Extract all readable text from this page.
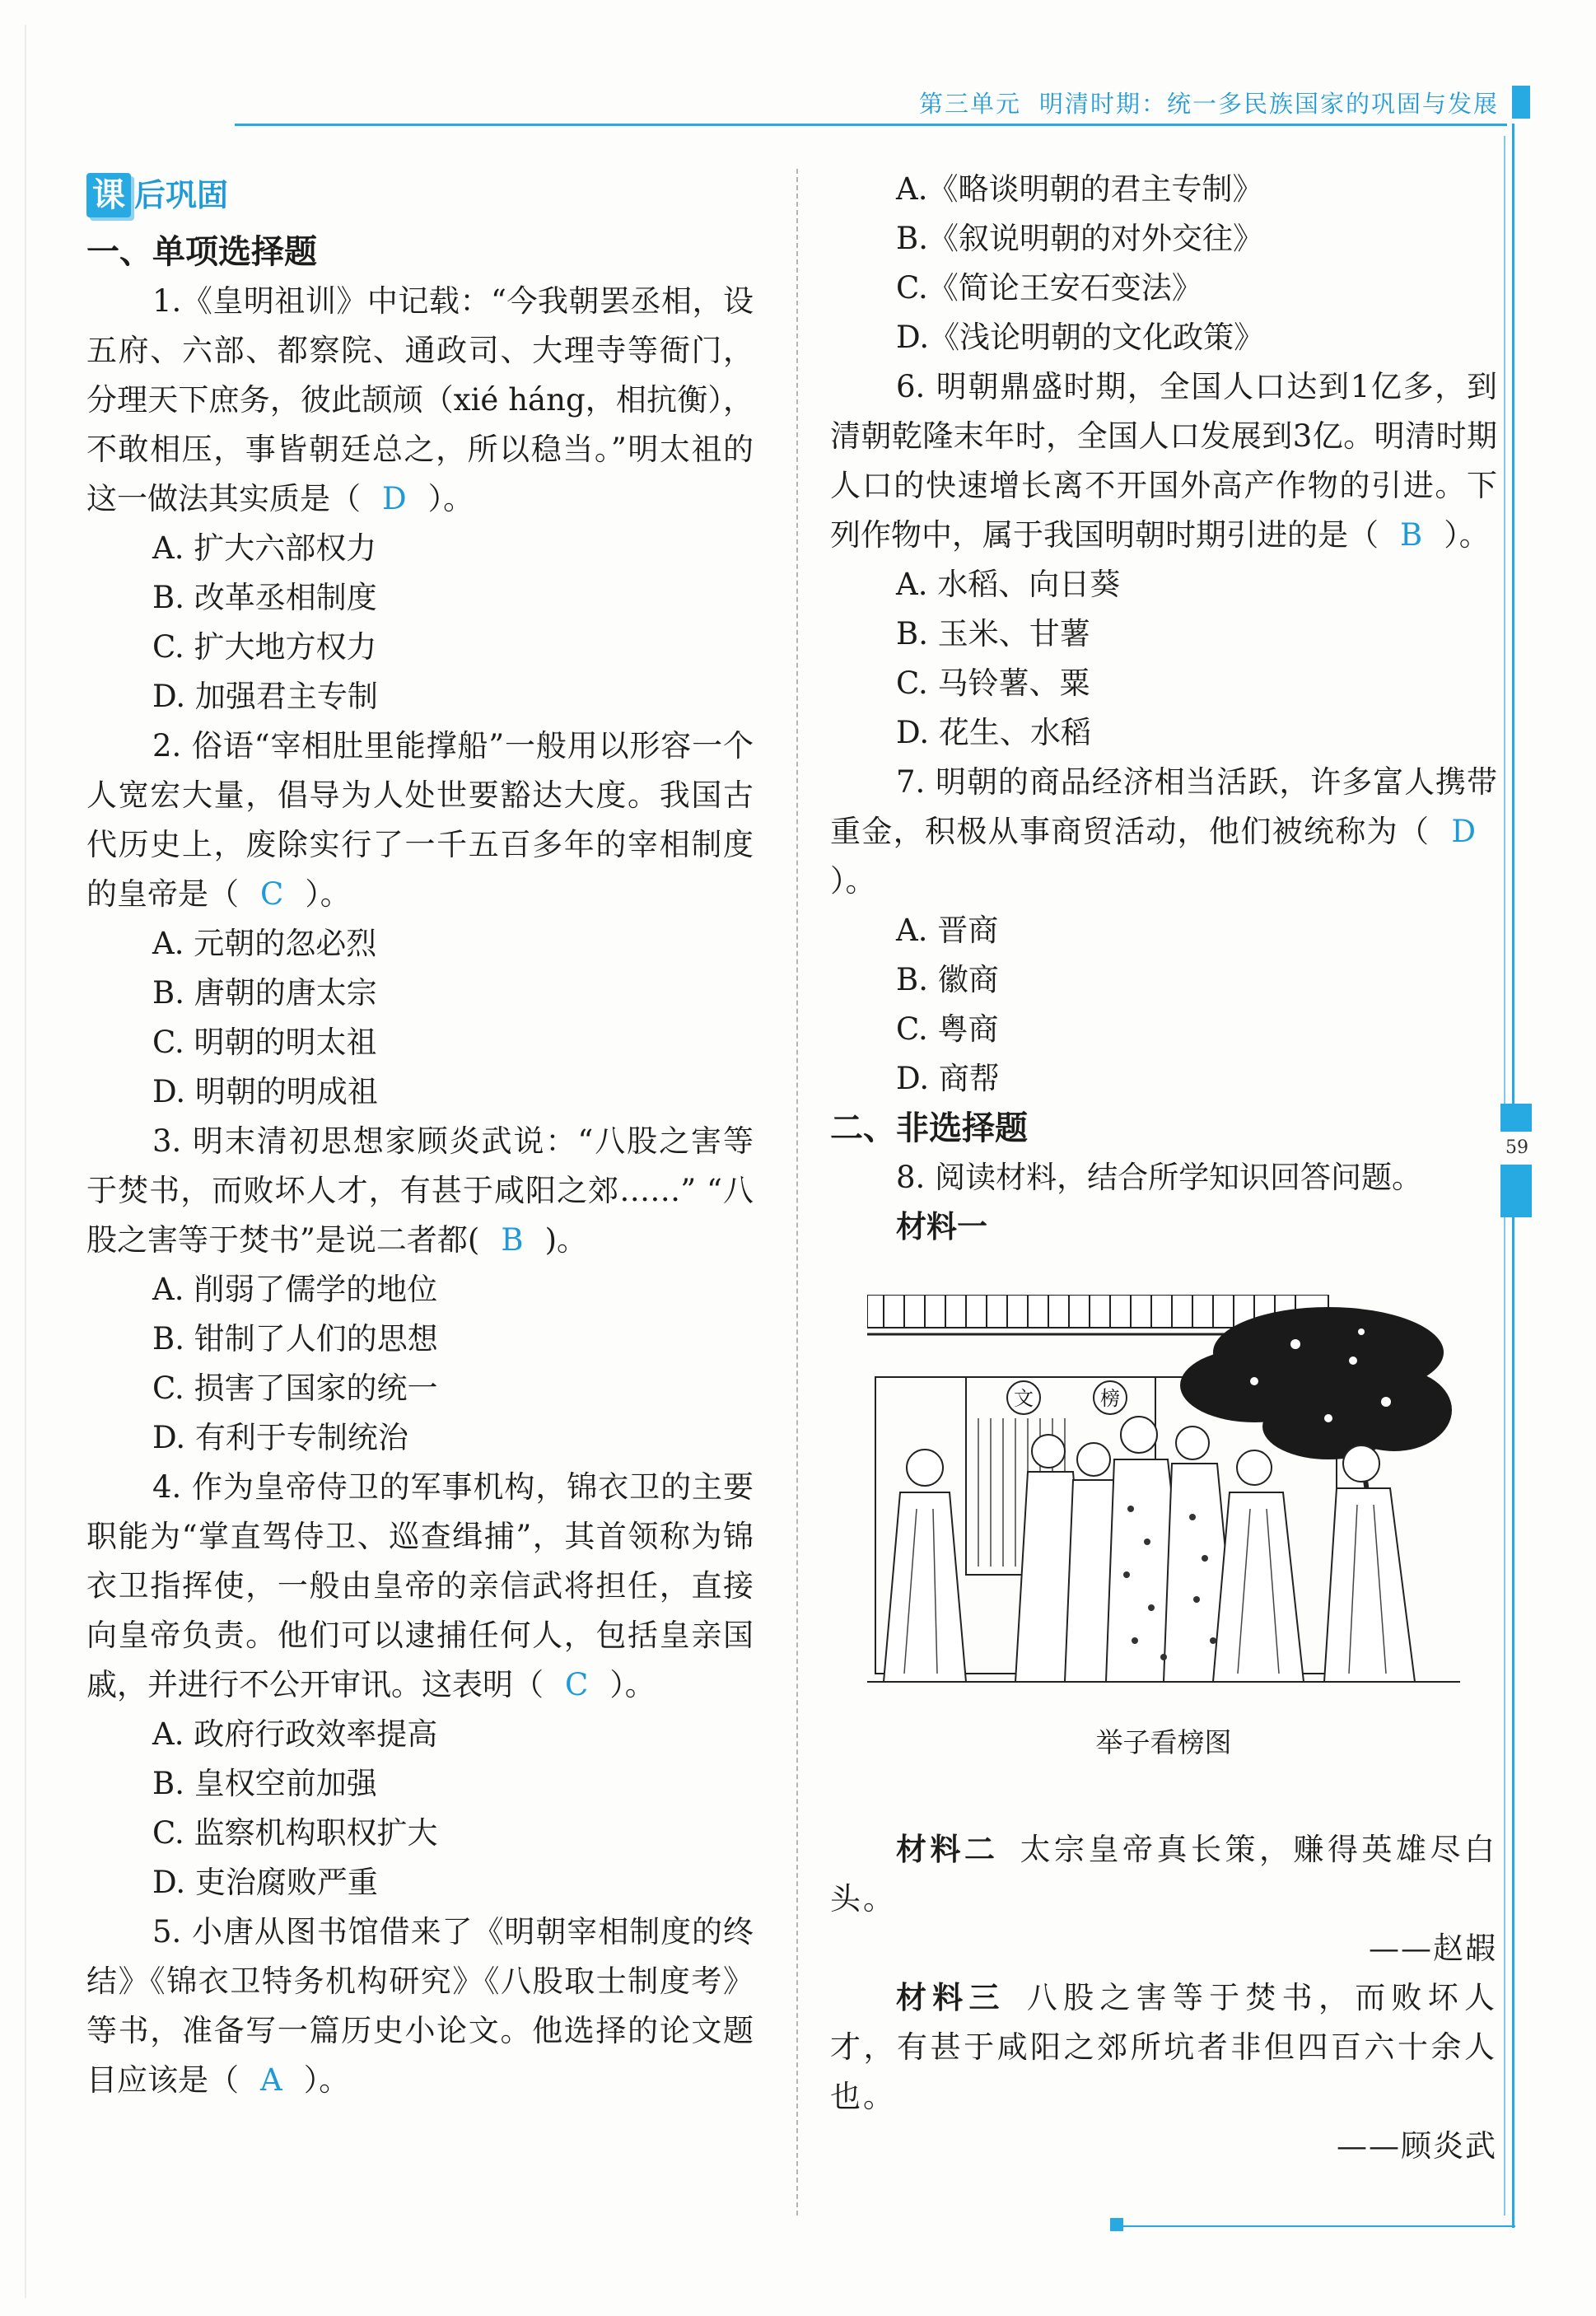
第三单元 明清时期：统一多民族国家的巩固与发展
59
课 后巩固
一、单项选择题
1.《皇明祖训》中记载：“今我朝罢丞相，设五府、六部、都察院、通政司、大理寺等衙门，分理天下庶务，彼此颉颃（xié háng，相抗衡），不敢相压，事皆朝廷总之，所以稳当。”明太祖的这一做法其实质是（ D ）。
A. 扩大六部权力
B. 改革丞相制度
C. 扩大地方权力
D. 加强君主专制
2. 俗语“宰相肚里能撑船”一般用以形容一个人宽宏大量，倡导为人处世要豁达大度。我国古代历史上，废除实行了一千五百多年的宰相制度的皇帝是（ C ）。
A. 元朝的忽必烈
B. 唐朝的唐太宗
C. 明朝的明太祖
D. 明朝的明成祖
3. 明末清初思想家顾炎武说：“八股之害等于焚书，而败坏人才，有甚于咸阳之郊……” “八股之害等于焚书”是说二者都( B )。
A. 削弱了儒学的地位
B. 钳制了人们的思想
C. 损害了国家的统一
D. 有利于专制统治
4. 作为皇帝侍卫的军事机构，锦衣卫的主要职能为“掌直驾侍卫、巡查缉捕”，其首领称为锦衣卫指挥使，一般由皇帝的亲信武将担任，直接向皇帝负责。他们可以逮捕任何人，包括皇亲国戚，并进行不公开审讯。这表明（ C ）。
A. 政府行政效率提高
B. 皇权空前加强
C. 监察机构职权扩大
D. 吏治腐败严重
5. 小唐从图书馆借来了《明朝宰相制度的终结》《锦衣卫特务机构研究》《八股取士制度考》等书，准备写一篇历史小论文。他选择的论文题目应该是（ A ）。
A.《略谈明朝的君主专制》
B.《叙说明朝的对外交往》
C.《简论王安石变法》
D.《浅论明朝的文化政策》
6. 明朝鼎盛时期，全国人口达到1亿多，到清朝乾隆末年时，全国人口发展到3亿。明清时期人口的快速增长离不开国外高产作物的引进。下列作物中，属于我国明朝时期引进的是（ B ）。
A. 水稻、向日葵
B. 玉米、甘薯
C. 马铃薯、粟
D. 花生、水稻
7. 明朝的商品经济相当活跃，许多富人携带重金，积极从事商贸活动，他们被统称为（ D）。
A. 晋商
B. 徽商
C. 粤商
D. 商帮
二、非选择题
8. 阅读材料，结合所学知识回答问题。
材料一
文	榜
举子看榜图
材料二 太宗皇帝真长策，赚得英雄尽白头。
——赵嘏
材料三 八股之害等于焚书，而败坏人才，有甚于咸阳之郊所坑者非但四百六十余人也。
——顾炎武
